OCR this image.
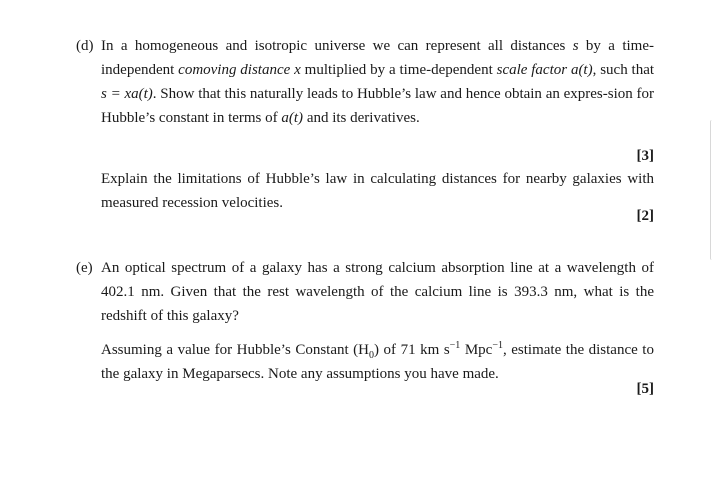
(d) In a homogeneous and isotropic universe we can represent all distances s by a time-independent comoving distance x multiplied by a time-dependent scale factor a(t), such that s = xa(t). Show that this naturally leads to Hubble’s law and hence obtain an expres-sion for Hubble’s constant in terms of a(t) and its derivatives.
[3]
Explain the limitations of Hubble’s law in calculating distances for nearby galaxies with measured recession velocities.
[2]
(e) An optical spectrum of a galaxy has a strong calcium absorption line at a wavelength of 402.1 nm. Given that the rest wavelength of the calcium line is 393.3 nm, what is the redshift of this galaxy?
Assuming a value for Hubble’s Constant $(H_0)$ of 71 km $s^{-1}$ Mpc$^{-1}$, estimate the distance to the galaxy in Megaparsecs. Note any assumptions you have made.
[5]
